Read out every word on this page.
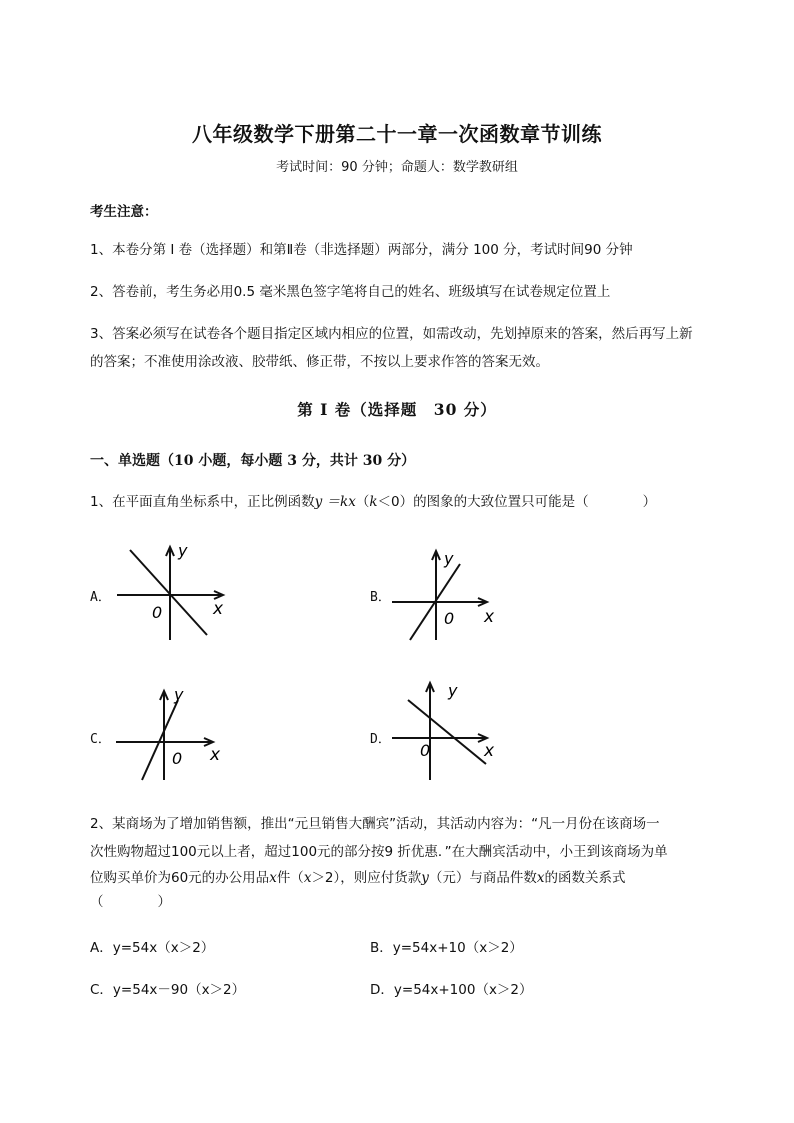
八年级数学下册第二十一章一次函数章节训练
考试时间：90 分钟；命题人：数学教研组
考生注意：
1、本卷分第 I 卷（选择题）和第Ⅱ卷（非选择题）两部分，满分 100 分，考试时间90 分钟
2、答卷前，考生务必用0.5 毫米黑色签字笔将自己的姓名、班级填写在试卷规定位置上
3、答案必须写在试卷各个题目指定区域内相应的位置，如需改动，先划掉原来的答案，然后再写上新
的答案；不准使用涂改液、胶带纸、修正带，不按以上要求作答的答案无效。
第 I 卷（选择题　30 分）
一、单选题（10 小题，每小题 3 分，共计 30 分）
1、在平面直角坐标系中，正比例函数y ＝kx（k＜0）的图象的大致位置只可能是（　　　　）
A．
y
x
0
B．
y
x
0
C．
y
x
0
D．
y
x
0
2、某商场为了增加销售额，推出“元旦销售大酬宾”活动，其活动内容为：“凡一月份在该商场一
次性购物超过100元以上者，超过100元的部分按9 折优惠．”在大酬宾活动中，小王到该商场为单
位购买单价为60元的办公用品x件（x＞2），则应付货款y（元）与商品件数x的函数关系式
（　　　　）
A．y=54x（x＞2）	B．y=54x+10（x＞2）
C．y=54x－90（x＞2）	D．y=54x+100（x＞2）
